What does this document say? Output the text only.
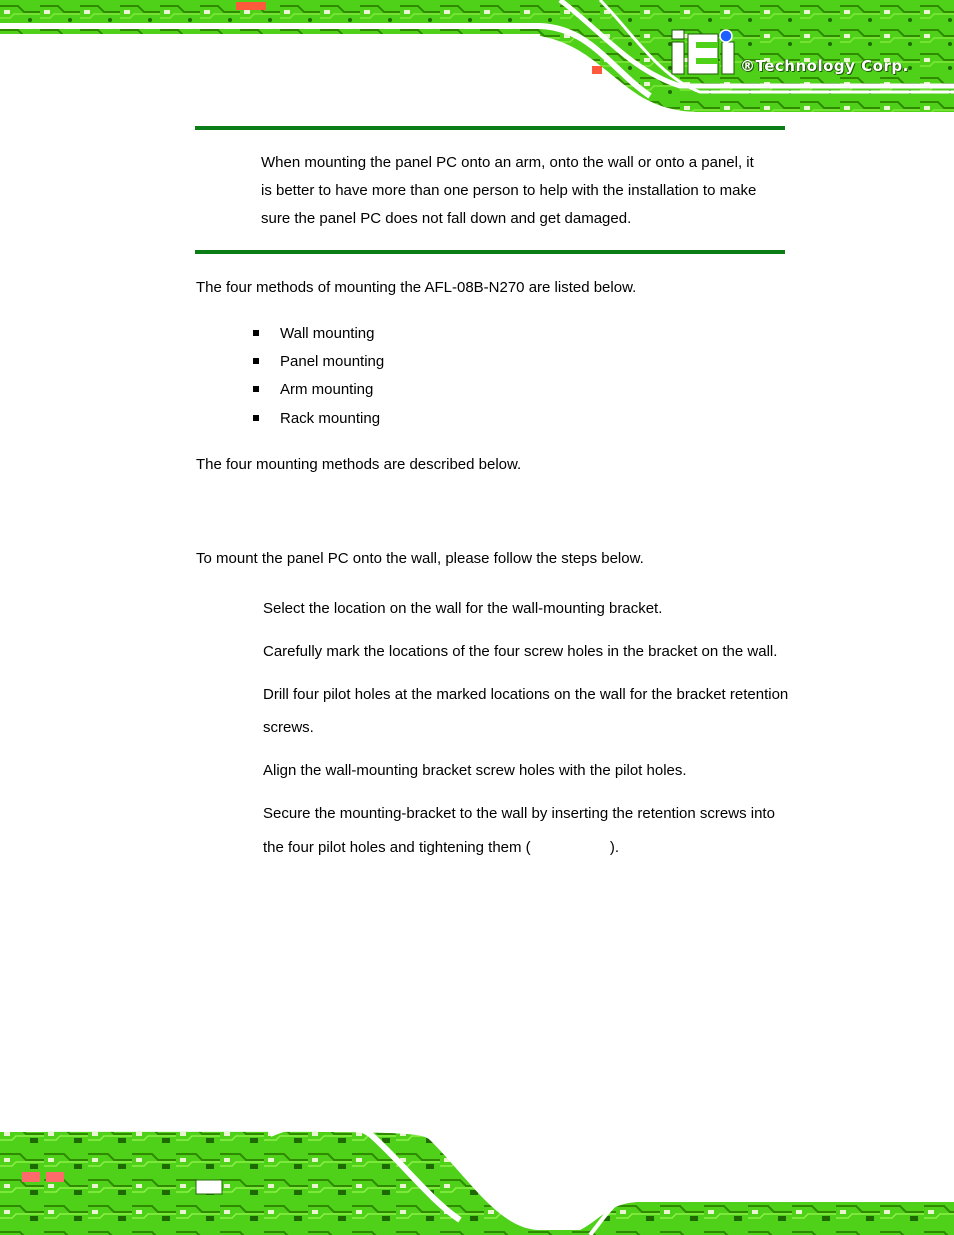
®Technology Corp.
When mounting the panel PC onto an arm, onto the wall or onto a panel, it
is better to have more than one person to help with the installation to make
sure the panel PC does not fall down and get damaged.
The four methods of mounting the AFL-08B-N270 are listed below.
Wall mounting
Panel mounting
Arm mounting
Rack mounting
The four mounting methods are described below.
To mount the panel PC onto the wall, please follow the steps below.
Select the location on the wall for the wall-mounting bracket.
Carefully mark the locations of the four screw holes in the bracket on the wall.
Drill four pilot holes at the marked locations on the wall for the bracket retention
screws.
Align the wall-mounting bracket screw holes with the pilot holes.
Secure the mounting-bracket to the wall by inserting the retention screws into
the four pilot holes and tightening them (                   ).
